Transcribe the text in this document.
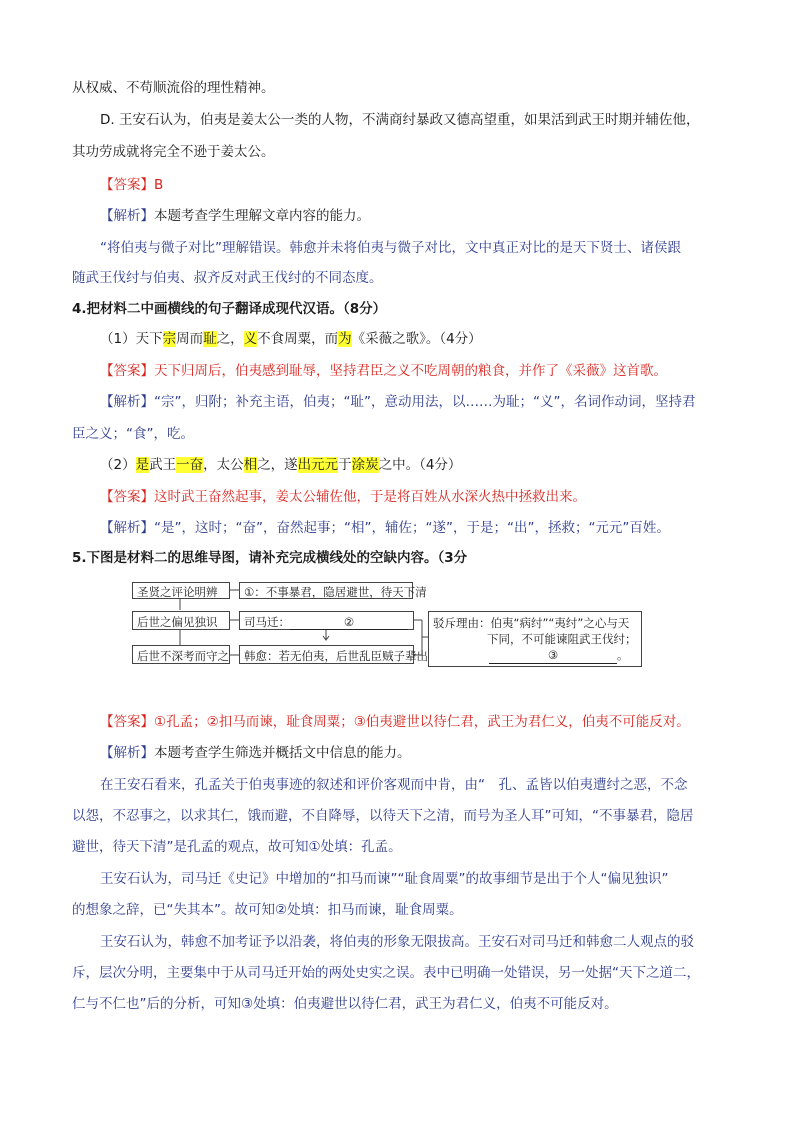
从权威、不苟顺流俗的理性精神。
D. 王安石认为，伯夷是姜太公一类的人物，不满商纣暴政又德高望重，如果活到武王时期并辅佐他，
其功劳成就将完全不逊于姜太公。
【答案】B
【解析】本题考查学生理解文章内容的能力。
“将伯夷与微子对比”理解错误。韩愈并未将伯夷与微子对比，文中真正对比的是天下贤士、诸侯跟
随武王伐纣与伯夷、叔齐反对武王伐纣的不同态度。
4.把材料二中画横线的句子翻译成现代汉语。（8分）
（1）天下宗周而耻之，义不食周粟，而为《采薇之歌》。（4分）
【答案】天下归周后，伯夷感到耻辱，坚持君臣之义不吃周朝的粮食，并作了《采薇》这首歌。
【解析】“宗”，归附；补充主语，伯夷；“耻”，意动用法，以……为耻；“义”，名词作动词，坚持君
臣之义；“食”，吃。
（2）是武王一奋，太公相之，遂出元元于涂炭之中。（4分）
【答案】这时武王奋然起事，姜太公辅佐他，于是将百姓从水深火热中拯救出来。
【解析】“是”，这时；“奋”，奋然起事；“相”，辅佐；“遂”，于是；“出”，拯救；“元元”百姓。
5.下图是材料二的思维导图，请补充完成横线处的空缺内容。（3分
圣贤之评论明辨
后世之偏见独识
后世不深考而守之
①：不事暴君，隐居避世，待天下清
司马迁：	②
韩愈：若无伯夷，后世乱臣贼子辈出
驳斥理由：伯夷“病纣”“夷纣”之心与天
下同，不可能谏阻武王伐纣；
③	。
【答案】①孔孟；②扣马而谏，耻食周粟；③伯夷避世以待仁君，武王为君仁义，伯夷不可能反对。
【解析】本题考查学生筛选并概括文中信息的能力。
在王安石看来，孔孟关于伯夷事迹的叙述和评价客观而中肯，由“　孔、孟皆以伯夷遭纣之恶，不念
以怨，不忍事之，以求其仁，饿而避，不自降辱，以待天下之清，而号为圣人耳”可知，“不事暴君，隐居
避世，待天下清”是孔孟的观点，故可知①处填：孔孟。
王安石认为，司马迁《史记》中增加的“扣马而谏”“耻食周粟”的故事细节是出于个人“偏见独识”
的想象之辞，已“失其本”。故可知②处填：扣马而谏，耻食周粟。
王安石认为，韩愈不加考证予以沿袭，将伯夷的形象无限拔高。王安石对司马迁和韩愈二人观点的驳
斥，层次分明，主要集中于从司马迁开始的两处史实之误。表中已明确一处错误，另一处据“天下之道二，
仁与不仁也”后的分析，可知③处填：伯夷避世以待仁君，武王为君仁义，伯夷不可能反对。
